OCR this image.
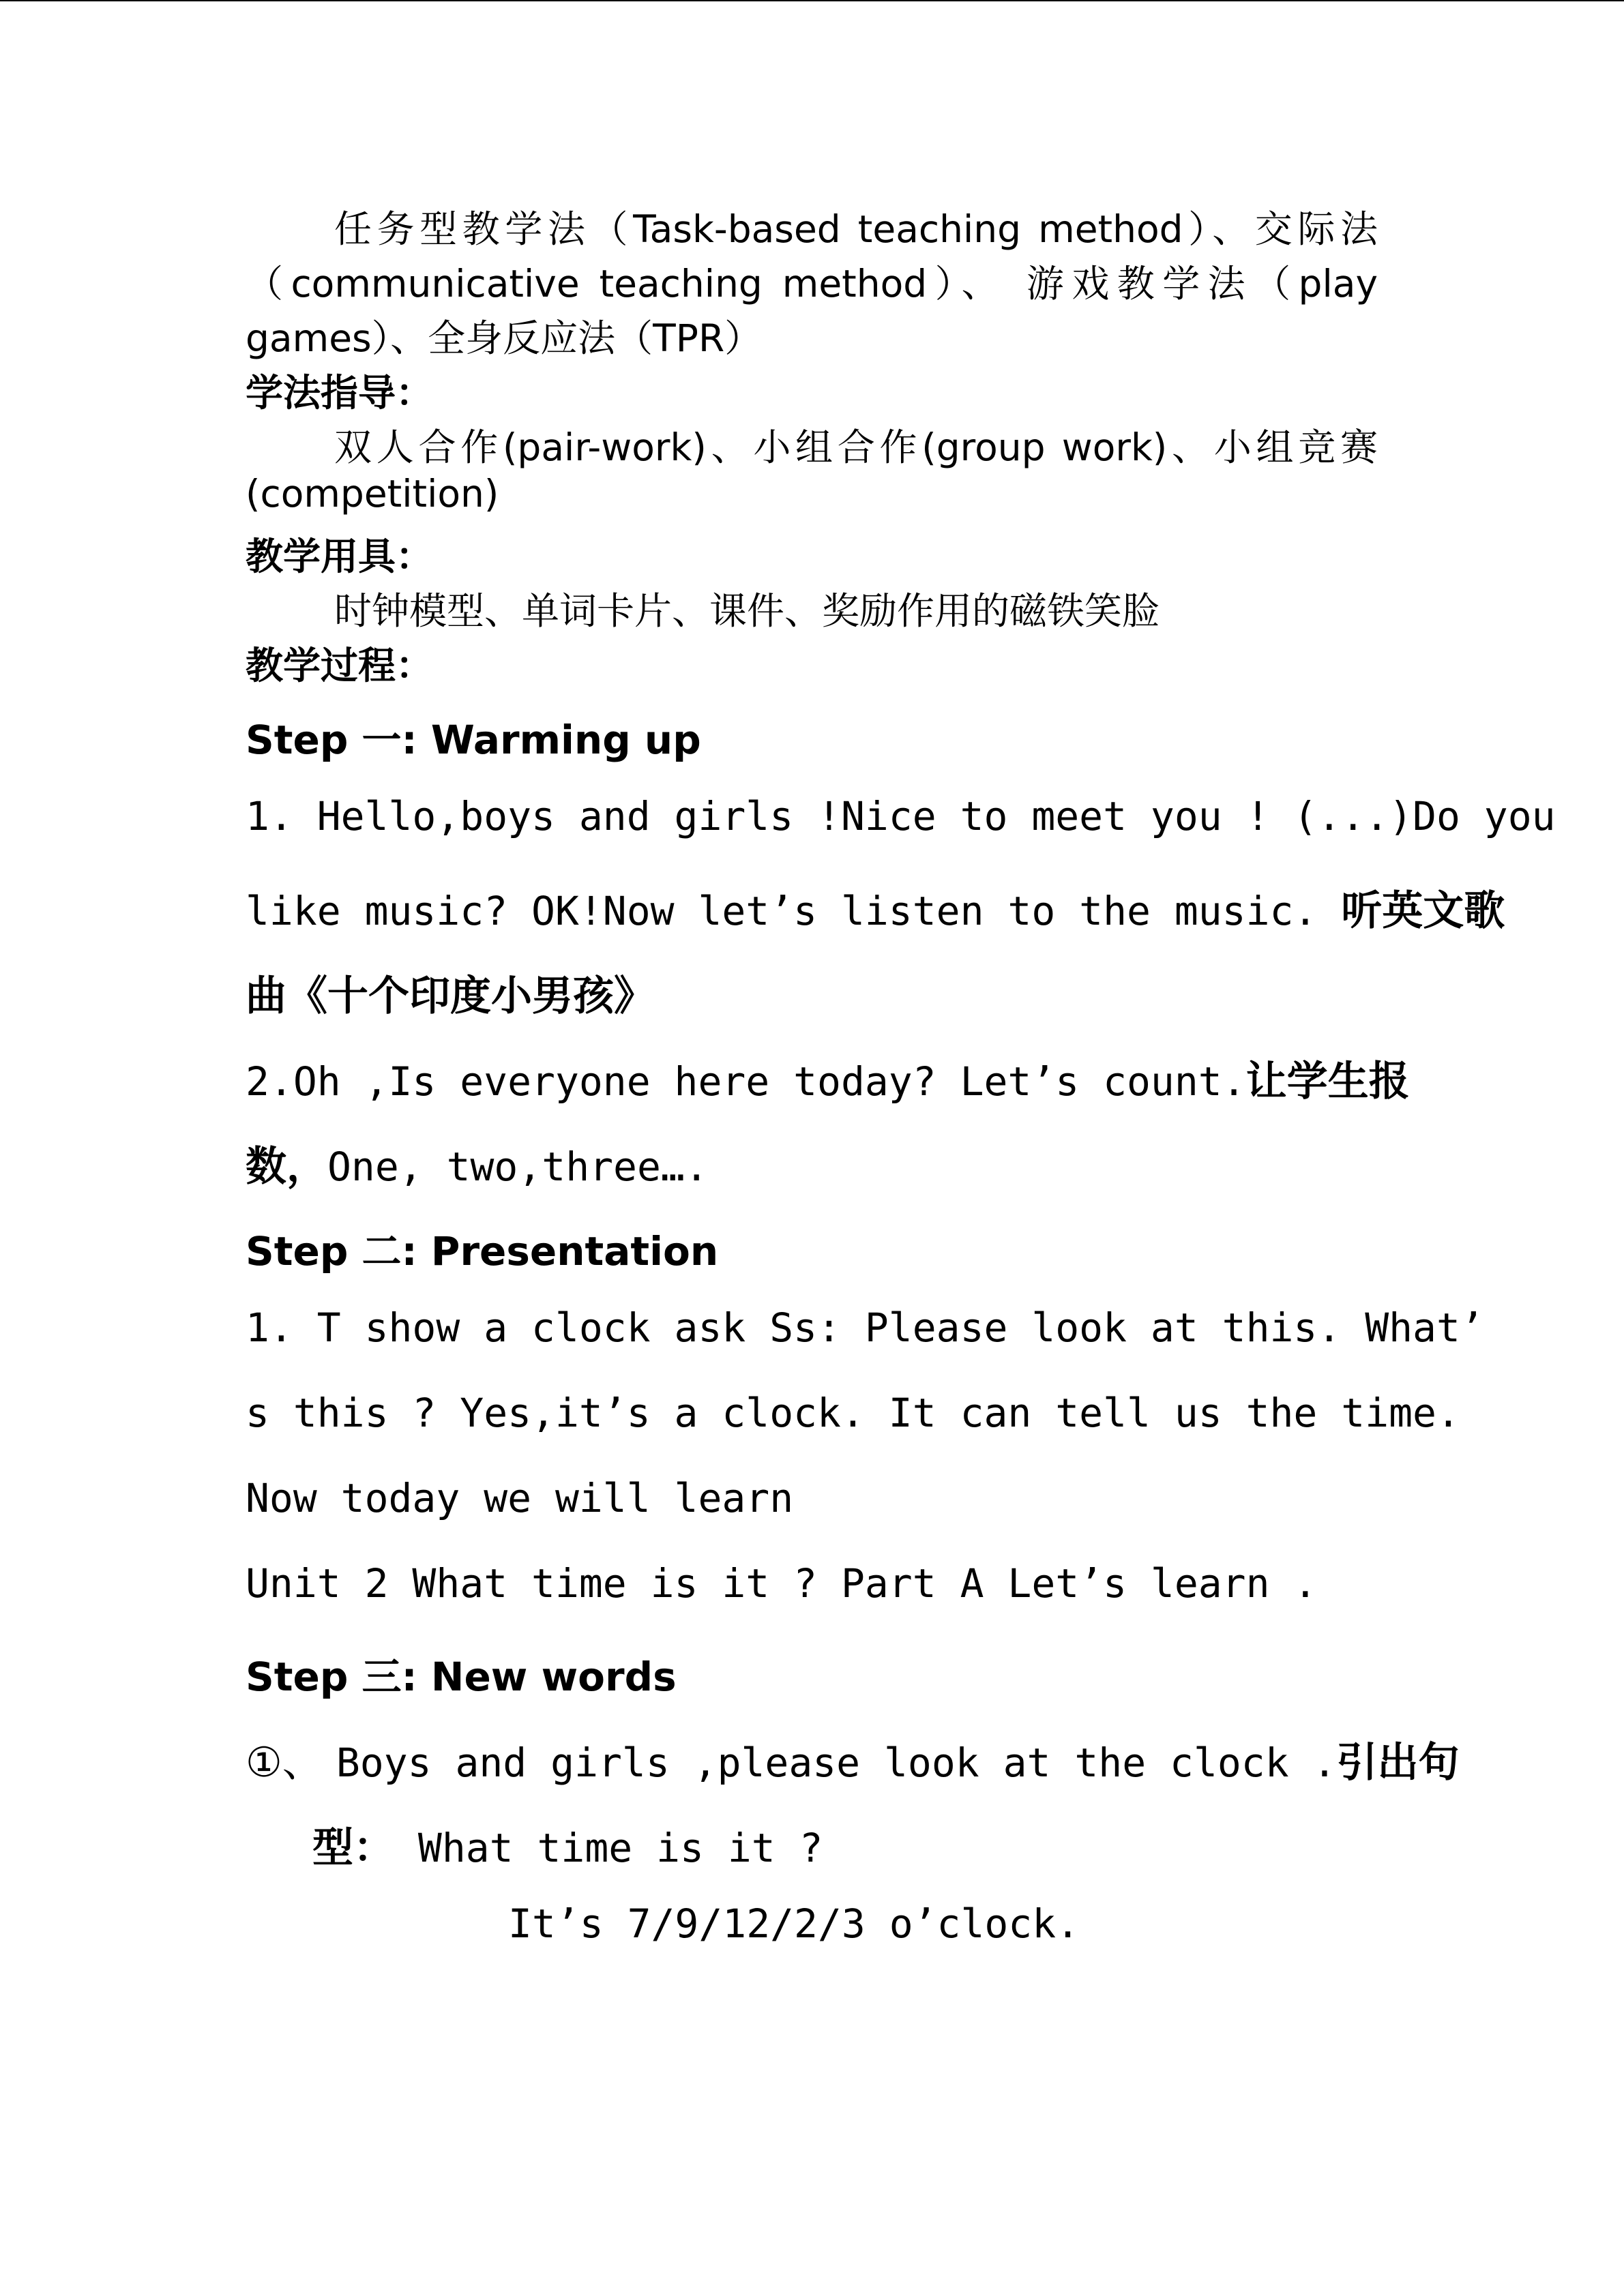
任务型教学法（Task-based teaching method）、交际法
（communicative teaching method）、 游戏教学法（play
games）、全身反应法（TPR）
学法指导：
双人合作(pair-work)、小组合作(group work)、小组竞赛
(competition)
教学用具：
时钟模型、单词卡片、课件、奖励作用的磁铁笑脸
教学过程：
Step 一: Warming up
1. Hello,boys and girls !Nice to meet you ! (...)Do you
like music? OK!Now let’s listen to the music. 听英文歌
曲《十个印度小男孩》
2.Oh ,Is everyone here today? Let’s count.让学生报
数，One, two,three….
Step 二: Presentation
1. T show a clock ask Ss: Please look at this. What’
s this ? Yes,it’s a clock. It can tell us the time.
Now today we will learn
Unit 2 What time is it ? Part A Let’s learn .
Step 三: New words
①、 Boys and girls ,please look at the clock .引出句
型： What time is it ?
It’s 7/9/12/2/3 o’clock.
